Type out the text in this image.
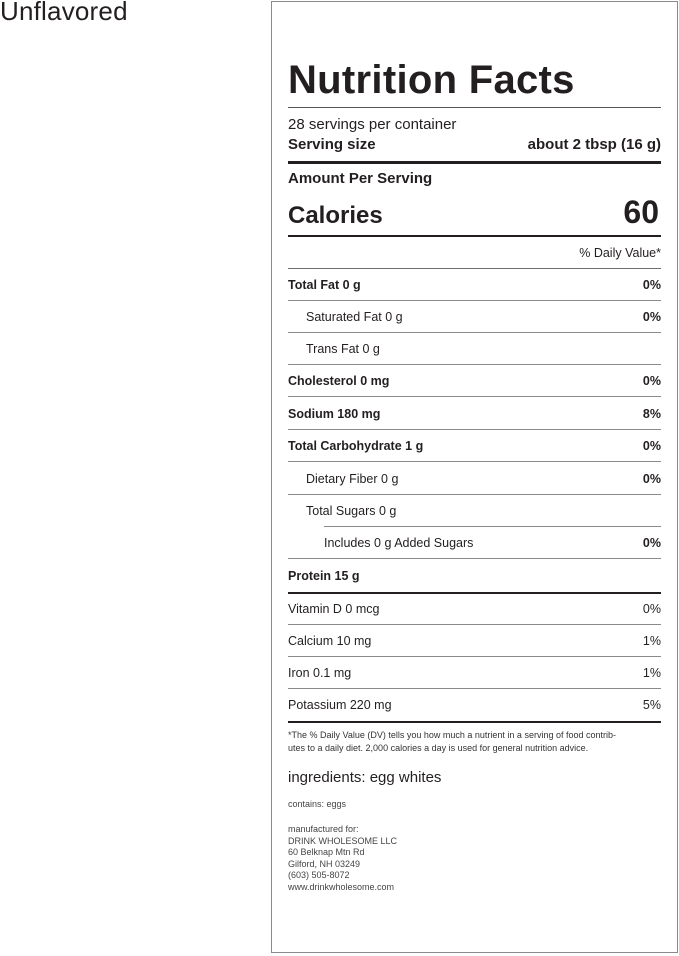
Unflavored
Nutrition Facts
28 servings per container
Serving size	about 2 tbsp (16 g)
Amount Per Serving
Calories	60
% Daily Value*
Total Fat 0 g	0%
Saturated Fat 0 g	0%
Trans Fat 0 g
Cholesterol 0 mg	0%
Sodium 180 mg	8%
Total Carbohydrate 1 g	0%
Dietary Fiber 0 g	0%
Total Sugars 0 g
Includes 0 g Added Sugars	0%
Protein 15 g
Vitamin D 0 mcg	0%
Calcium 10 mg	1%
Iron 0.1 mg	1%
Potassium 220 mg	5%
*The % Daily Value (DV) tells you how much a nutrient in a serving of food contrib-
utes to a daily diet. 2,000 calories a day is used for general nutrition advice.
ingredients: egg whites
contains: eggs
manufactured for:
DRINK WHOLESOME LLC
60 Belknap Mtn Rd
Gilford, NH 03249
(603) 505-8072
www.drinkwholesome.com
